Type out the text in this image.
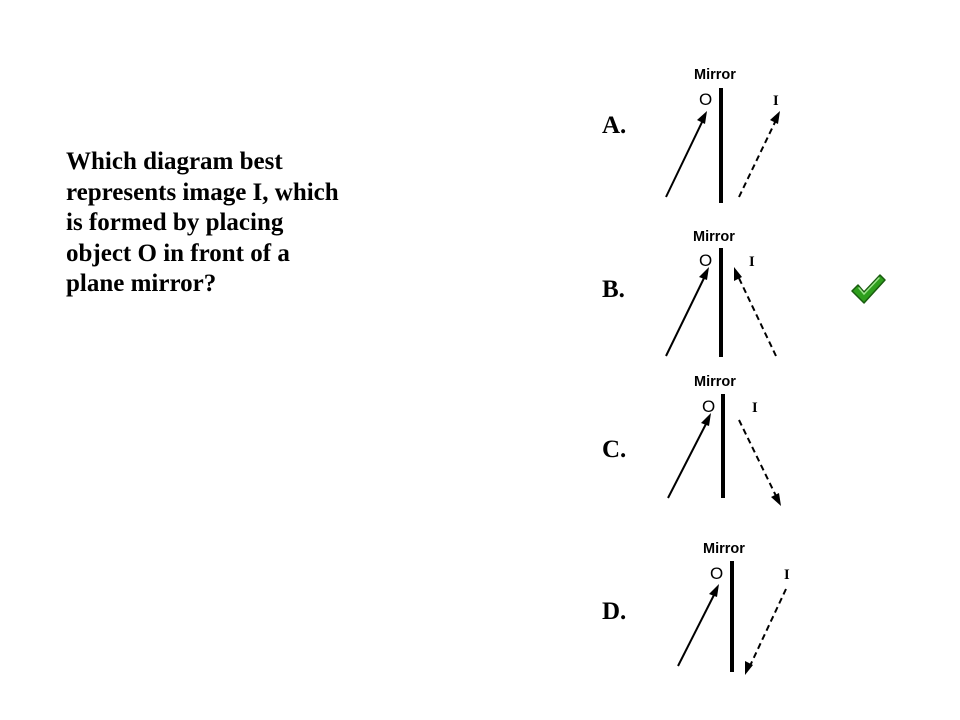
Which diagram best
represents image I, which
is formed by placing
object O in front of a
plane mirror?
A.
B.
C.
D.
Mirror
O	I
Mirror
O	I
Mirror
O	I
Mirror
O	I
